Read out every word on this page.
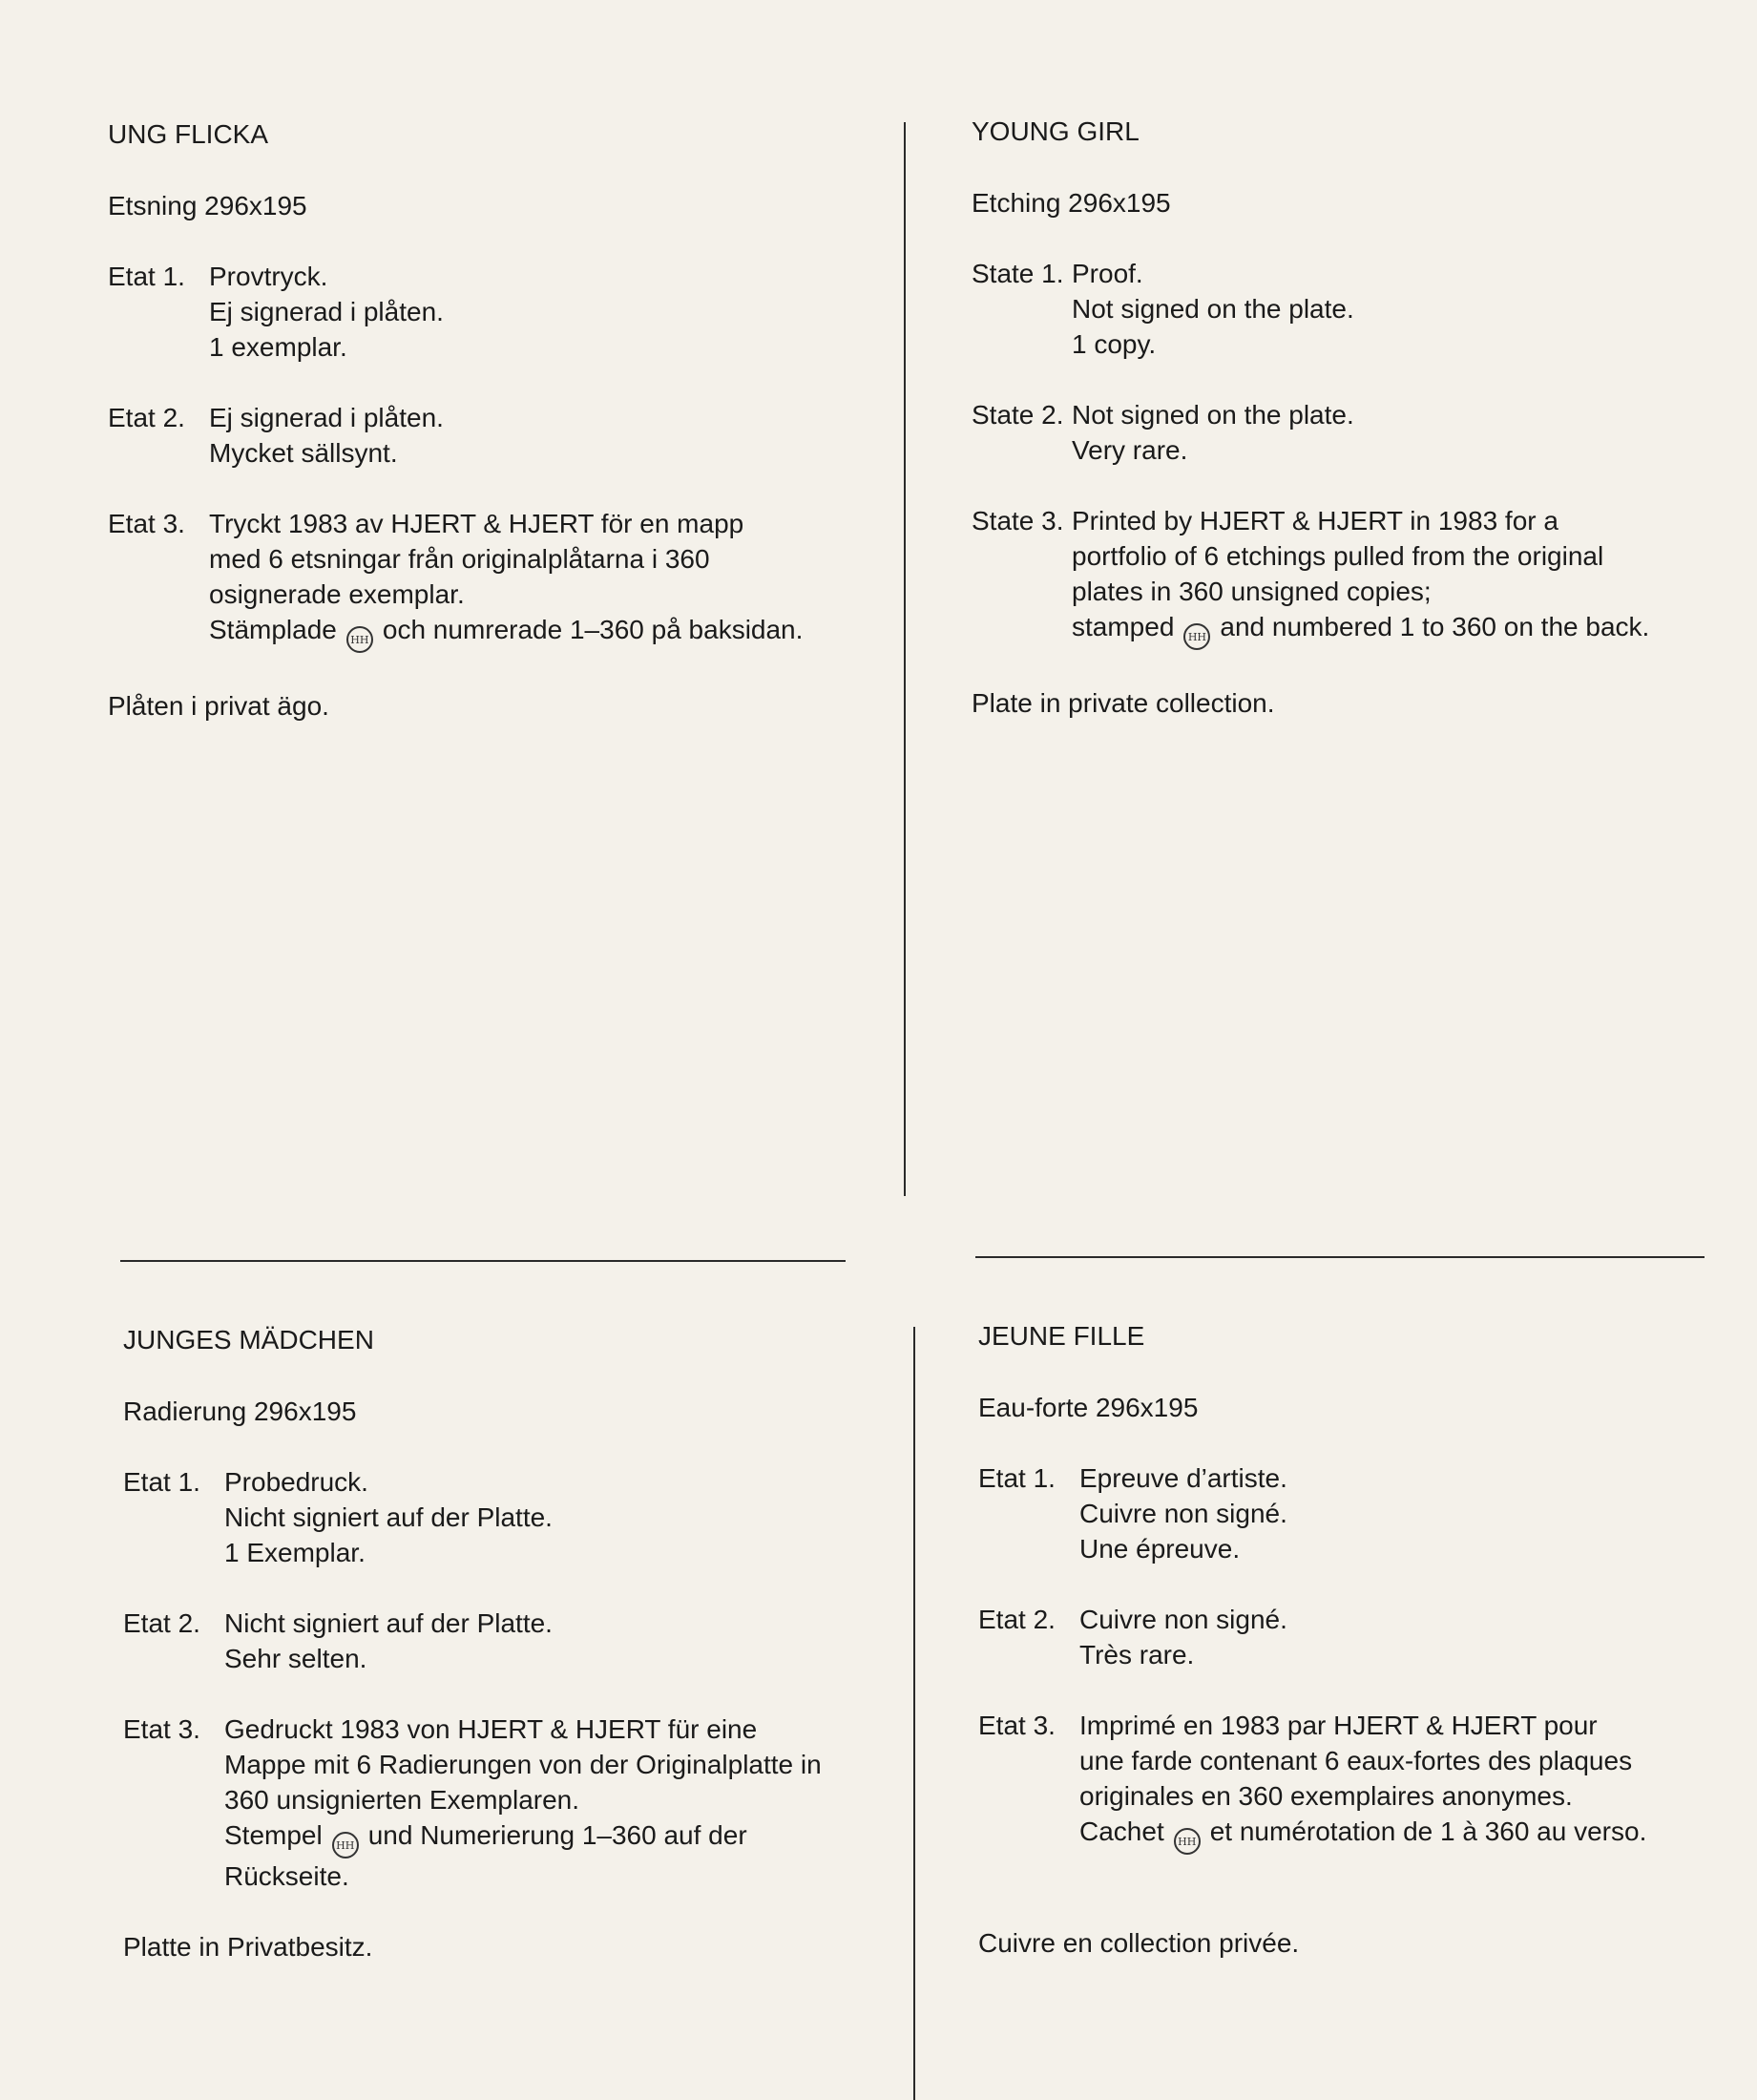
UNG FLICKA

Etsning 296x195

Etat 1. Provtryck.

Ej signerad i plåten.

1 exemplar.

Etat 2. Ej signerad i plåten.

Mycket sällsynt.

Etat 3. Tryckt 1983 av HJERT & HJERT för en mapp

med 6 etsningar från originalplåtarna i 360

osignerade exemplar.

Stämplade HH och numrerade 1–360 på baksidan.

Plåten i privat ägo.

YOUNG GIRL

Etching 296x195

State 1. Proof.

Not signed on the plate.

1 copy.

State 2. Not signed on the plate.

Very rare.

State 3. Printed by HJERT & HJERT in 1983 for a

portfolio of 6 etchings pulled from the original

plates in 360 unsigned copies;

stamped HH and numbered 1 to 360 on the back.

Plate in private collection.

JUNGES MÄDCHEN

Radierung 296x195

Etat 1. Probedruck.

Nicht signiert auf der Platte.

1 Exemplar.

Etat 2. Nicht signiert auf der Platte.

Sehr selten.

Etat 3. Gedruckt 1983 von HJERT & HJERT für eine

Mappe mit 6 Radierungen von der Originalplatte in

360 unsignierten Exemplaren.

Stempel HH und Numerierung 1–360 auf der

Rückseite.

Platte in Privatbesitz.

JEUNE FILLE

Eau-forte 296x195

Etat 1. Epreuve d’artiste.

Cuivre non signé.

Une épreuve.

Etat 2. Cuivre non signé.

Très rare.

Etat 3. Imprimé en 1983 par HJERT & HJERT pour

une farde contenant 6 eaux-fortes des plaques

originales en 360 exemplaires anonymes.

Cachet HH et numérotation de 1 à 360 au verso.

Cuivre en collection privée.
